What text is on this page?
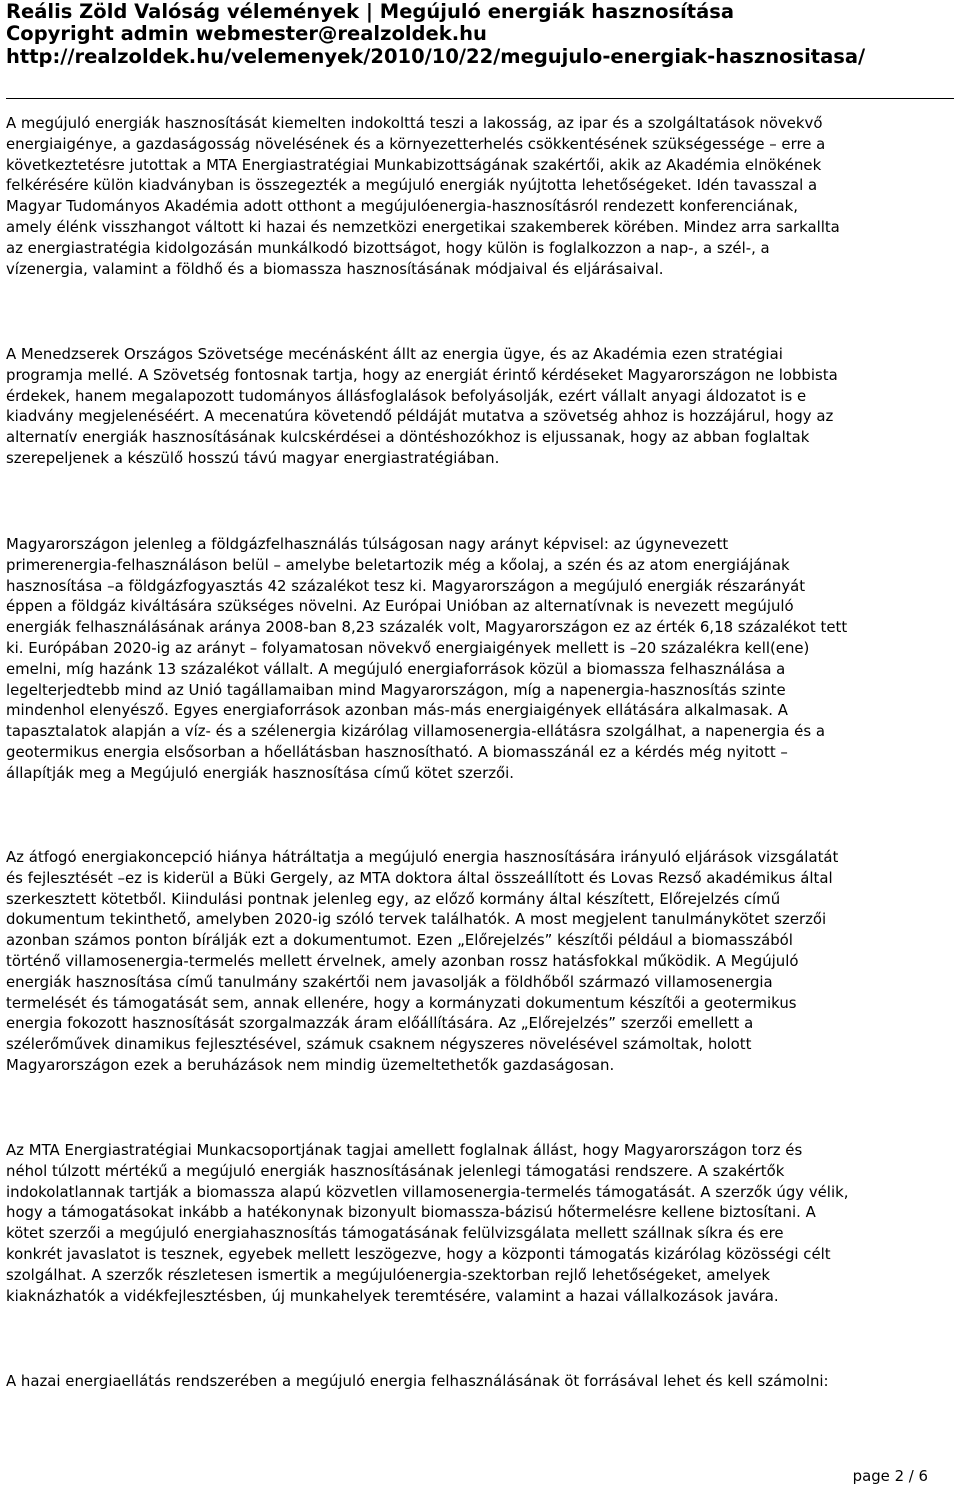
Reális Zöld Valóság vélemények | Megújuló energiák hasznosítása
Copyright admin webmester@realzoldek.hu
http://realzoldek.hu/velemenyek/2010/10/22/megujulo-energiak-hasznositasa/
A megújuló energiák hasznosítását kiemelten indokolttá teszi a lakosság, az ipar és a szolgáltatások növekvő
energiaigénye, a gazdaságosság növelésének és a környezetterhelés csökkentésének szükségessége – erre a
következtetésre jutottak a MTA Energiastratégiai Munkabizottságának szakértői, akik az Akadémia elnökének
felkérésére külön kiadványban is összegezték a megújuló energiák nyújtotta lehetőségeket. Idén tavasszal a
Magyar Tudományos Akadémia adott otthont a megújulóenergia-hasznosításról rendezett konferenciának,
amely élénk visszhangot váltott ki hazai és nemzetközi energetikai szakemberek körében. Mindez arra sarkallta
az energiastratégia kidolgozásán munkálkodó bizottságot, hogy külön is foglalkozzon a nap-, a szél-, a
vízenergia, valamint a földhő és a biomassza hasznosításának módjaival és eljárásaival.
A Menedzserek Országos Szövetsége mecénásként állt az energia ügye, és az Akadémia ezen stratégiai
programja mellé. A Szövetség fontosnak tartja, hogy az energiát érintő kérdéseket Magyarországon ne lobbista
érdekek, hanem megalapozott tudományos állásfoglalások befolyásolják, ezért vállalt anyagi áldozatot is e
kiadvány megjelenéséért. A mecenatúra követendő példáját mutatva a szövetség ahhoz is hozzájárul, hogy az
alternatív energiák hasznosításának kulcskérdései a döntéshozókhoz is eljussanak, hogy az abban foglaltak
szerepeljenek a készülő hosszú távú magyar energiastratégiában.
Magyarországon jelenleg a földgázfelhasználás túlságosan nagy arányt képvisel: az úgynevezett
primerenergia-felhasználáson belül – amelybe beletartozik még a kőolaj, a szén és az atom energiájának
hasznosítása –a földgázfogyasztás 42 százalékot tesz ki. Magyarországon a megújuló energiák részarányát
éppen a földgáz kiváltására szükséges növelni. Az Európai Unióban az alternatívnak is nevezett megújuló
energiák felhasználásának aránya 2008-ban 8,23 százalék volt, Magyarországon ez az érték 6,18 százalékot tett
ki. Európában 2020-ig az arányt – folyamatosan növekvő energiaigények mellett is –20 százalékra kell(ene)
emelni, míg hazánk 13 százalékot vállalt. A megújuló energiaforrások közül a biomassza felhasználása a
legelterjedtebb mind az Unió tagállamaiban mind Magyarországon, míg a napenergia-hasznosítás szinte
mindenhol elenyésző. Egyes energiaforrások azonban más-más energiaigények ellátására alkalmasak. A
tapasztalatok alapján a víz- és a szélenergia kizárólag villamosenergia-ellátásra szolgálhat, a napenergia és a
geotermikus energia elsősorban a hőellátásban hasznosítható. A biomasszánál ez a kérdés még nyitott –
állapítják meg a Megújuló energiák hasznosítása című kötet szerzői.
Az átfogó energiakoncepció hiánya hátráltatja a megújuló energia hasznosítására irányuló eljárások vizsgálatát
és fejlesztését –ez is kiderül a Büki Gergely, az MTA doktora által összeállított és Lovas Rezső akadémikus által
szerkesztett kötetből. Kiindulási pontnak jelenleg egy, az előző kormány által készített, Előrejelzés című
dokumentum tekinthető, amelyben 2020-ig szóló tervek találhatók. A most megjelent tanulmánykötet szerzői
azonban számos ponton bírálják ezt a dokumentumot. Ezen „Előrejelzés” készítői például a biomasszából
történő villamosenergia-termelés mellett érvelnek, amely azonban rossz hatásfokkal működik. A Megújuló
energiák hasznosítása című tanulmány szakértői nem javasolják a földhőből származó villamosenergia
termelését és támogatását sem, annak ellenére, hogy a kormányzati dokumentum készítői a geotermikus
energia fokozott hasznosítását szorgalmazzák áram előállítására. Az „Előrejelzés” szerzői emellett a
szélerőművek dinamikus fejlesztésével, számuk csaknem négyszeres növelésével számoltak, holott
Magyarországon ezek a beruházások nem mindig üzemeltethetők gazdaságosan.
Az MTA Energiastratégiai Munkacsoportjának tagjai amellett foglalnak állást, hogy Magyarországon torz és
néhol túlzott mértékű a megújuló energiák hasznosításának jelenlegi támogatási rendszere. A szakértők
indokolatlannak tartják a biomassza alapú közvetlen villamosenergia-termelés támogatását. A szerzők úgy vélik,
hogy a támogatásokat inkább a hatékonynak bizonyult biomassza-bázisú hőtermelésre kellene biztosítani. A
kötet szerzői a megújuló energiahasznosítás támogatásának felülvizsgálata mellett szállnak síkra és ere
konkrét javaslatot is tesznek, egyebek mellett leszögezve, hogy a központi támogatás kizárólag közösségi célt
szolgálhat. A szerzők részletesen ismertik a megújulóenergia-szektorban rejlő lehetőségeket, amelyek
kiaknázhatók a vidékfejlesztésben, új munkahelyek teremtésére, valamint a hazai vállalkozások javára.
A hazai energiaellátás rendszerében a megújuló energia felhasználásának öt forrásával lehet és kell számolni:
page 2 / 6
